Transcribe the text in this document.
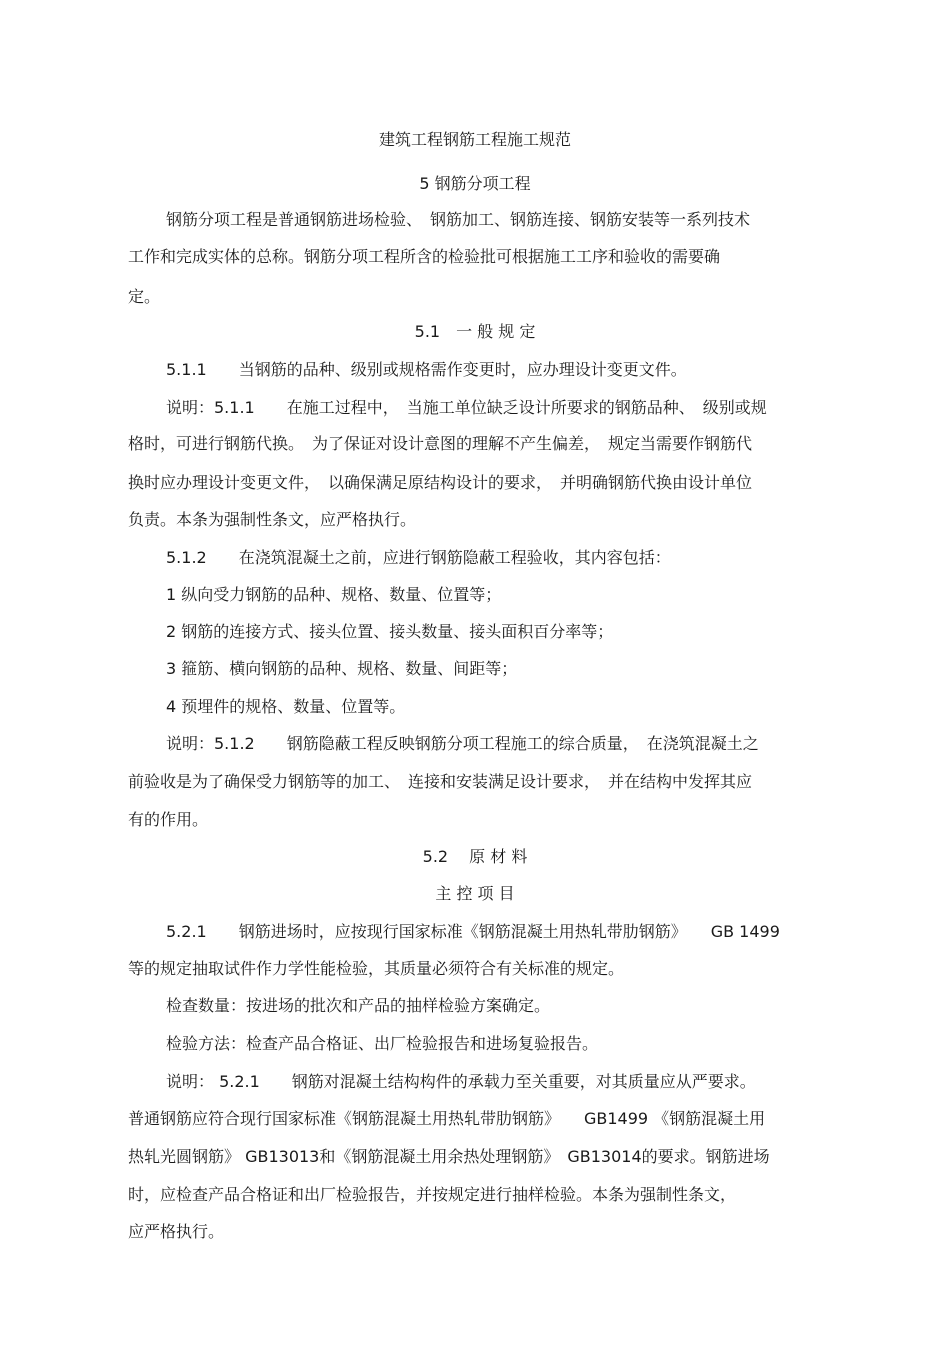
建筑工程钢筋工程施工规范
5 钢筋分项工程
钢筋分项工程是普通钢筋进场检验、　钢筋加工、钢筋连接、钢筋安装等一系列技术
工作和完成实体的总称。钢筋分项工程所含的检验批可根据施工工序和验收的需要确
定。
5.1　一 般 规 定
5.1.1　　当钢筋的品种、级别或规格需作变更时，应办理设计变更文件。
说明：5.1.1　　在施工过程中，　当施工单位缺乏设计所要求的钢筋品种、　级别或规
格时，可进行钢筋代换。　为了保证对设计意图的理解不产生偏差，　规定当需要作钢筋代
换时应办理设计变更文件，　以确保满足原结构设计的要求，　并明确钢筋代换由设计单位
负责。本条为强制性条文，应严格执行。
5.1.2　　在浇筑混凝土之前，应进行钢筋隐蔽工程验收，其内容包括：
1 纵向受力钢筋的品种、规格、数量、位置等；
2 钢筋的连接方式、接头位置、接头数量、接头面积百分率等；
3 箍筋、横向钢筋的品种、规格、数量、间距等；
4 预埋件的规格、数量、位置等。
说明：5.1.2　　钢筋隐蔽工程反映钢筋分项工程施工的综合质量，　在浇筑混凝土之
前验收是为了确保受力钢筋等的加工、　连接和安装满足设计要求，　并在结构中发挥其应
有的作用。
5.2　 原 材 料
主 控 项 目
5.2.1　　钢筋进场时，应按现行国家标准《钢筋混凝土用热轧带肋钢筋》　　GB 1499
等的规定抽取试件作力学性能检验，其质量必须符合有关标准的规定。
检查数量：按进场的批次和产品的抽样检验方案确定。
检验方法：检查产品合格证、出厂检验报告和进场复验报告。
说明： 5.2.1　　钢筋对混凝土结构构件的承载力至关重要，对其质量应从严要求。
普通钢筋应符合现行国家标准《钢筋混凝土用热轧带肋钢筋》　　GB1499 《钢筋混凝土用
热轧光圆钢筋》 GB13013和《钢筋混凝土用余热处理钢筋》　GB13014的要求。钢筋进场
时，应检查产品合格证和出厂检验报告，并按规定进行抽样检验。本条为强制性条文，
应严格执行。
